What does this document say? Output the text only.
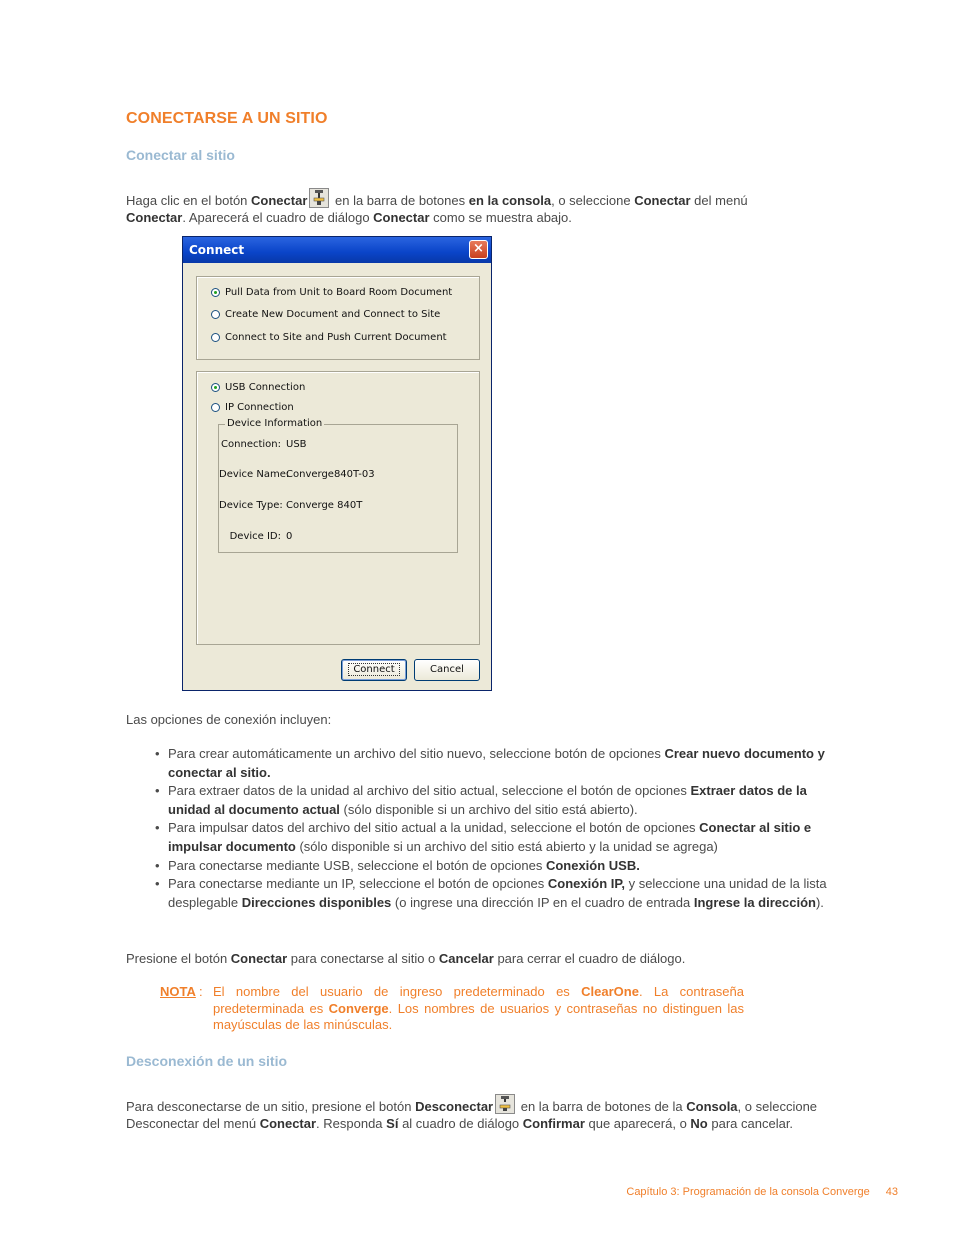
CONECTARSE A UN SITIO
Conectar al sitio
Haga clic en el botón Conectar
en la barra de botones en la consola, o seleccione Conectar del menú Conectar. Aparecerá el cuadro de diálogo Conectar como se muestra abajo.
Connect	×
Pull Data from Unit to Board Room Document
Create New Document and Connect to Site
Connect to Site and Push Current Document
USB Connection
IP Connection
Device Information
Connection: USB
Device Name:Converge840T-03
Device Type: Converge 840T
Device ID: 0
Connect	Cancel
Las opciones de conexión incluyen:
• Para crear automáticamente un archivo del sitio nuevo, seleccione botón de opciones Crear nuevo documento y conectar al sitio.
• Para extraer datos de la unidad al archivo del sitio actual, seleccione el botón de opciones Extraer datos de la unidad al documento actual (sólo disponible si un archivo del sitio está abierto).
• Para impulsar datos del archivo del sitio actual a la unidad, seleccione el botón de opciones Conectar al sitio e impulsar documento (sólo disponible si un archivo del sitio está abierto y la unidad se agrega)
• Para conectarse mediante USB, seleccione el botón de opciones Conexión USB.
• Para conectarse mediante un IP, seleccione el botón de opciones Conexión IP, y seleccione una unidad de la lista desplegable Direcciones disponibles (o ingrese una dirección IP en el cuadro de entrada Ingrese la dirección).
Presione el botón Conectar para conectarse al sitio o Cancelar para cerrar el cuadro de diálogo.
NOTA : El nombre del usuario de ingreso predeterminado es ClearOne. La contraseña predeterminada es Converge. Los nombres de usuarios y contraseñas no distinguen las mayúsculas de las minúsculas.
Desconexión de un sitio
Para desconectarse de un sitio, presione el botón Desconectar
en la barra de botones de la Consola, o seleccione Desconectar del menú Conectar. Responda Sí al cuadro de diálogo Confirmar que aparecerá, o No para cancelar.
Capítulo 3: Programación de la consola Converge 43
